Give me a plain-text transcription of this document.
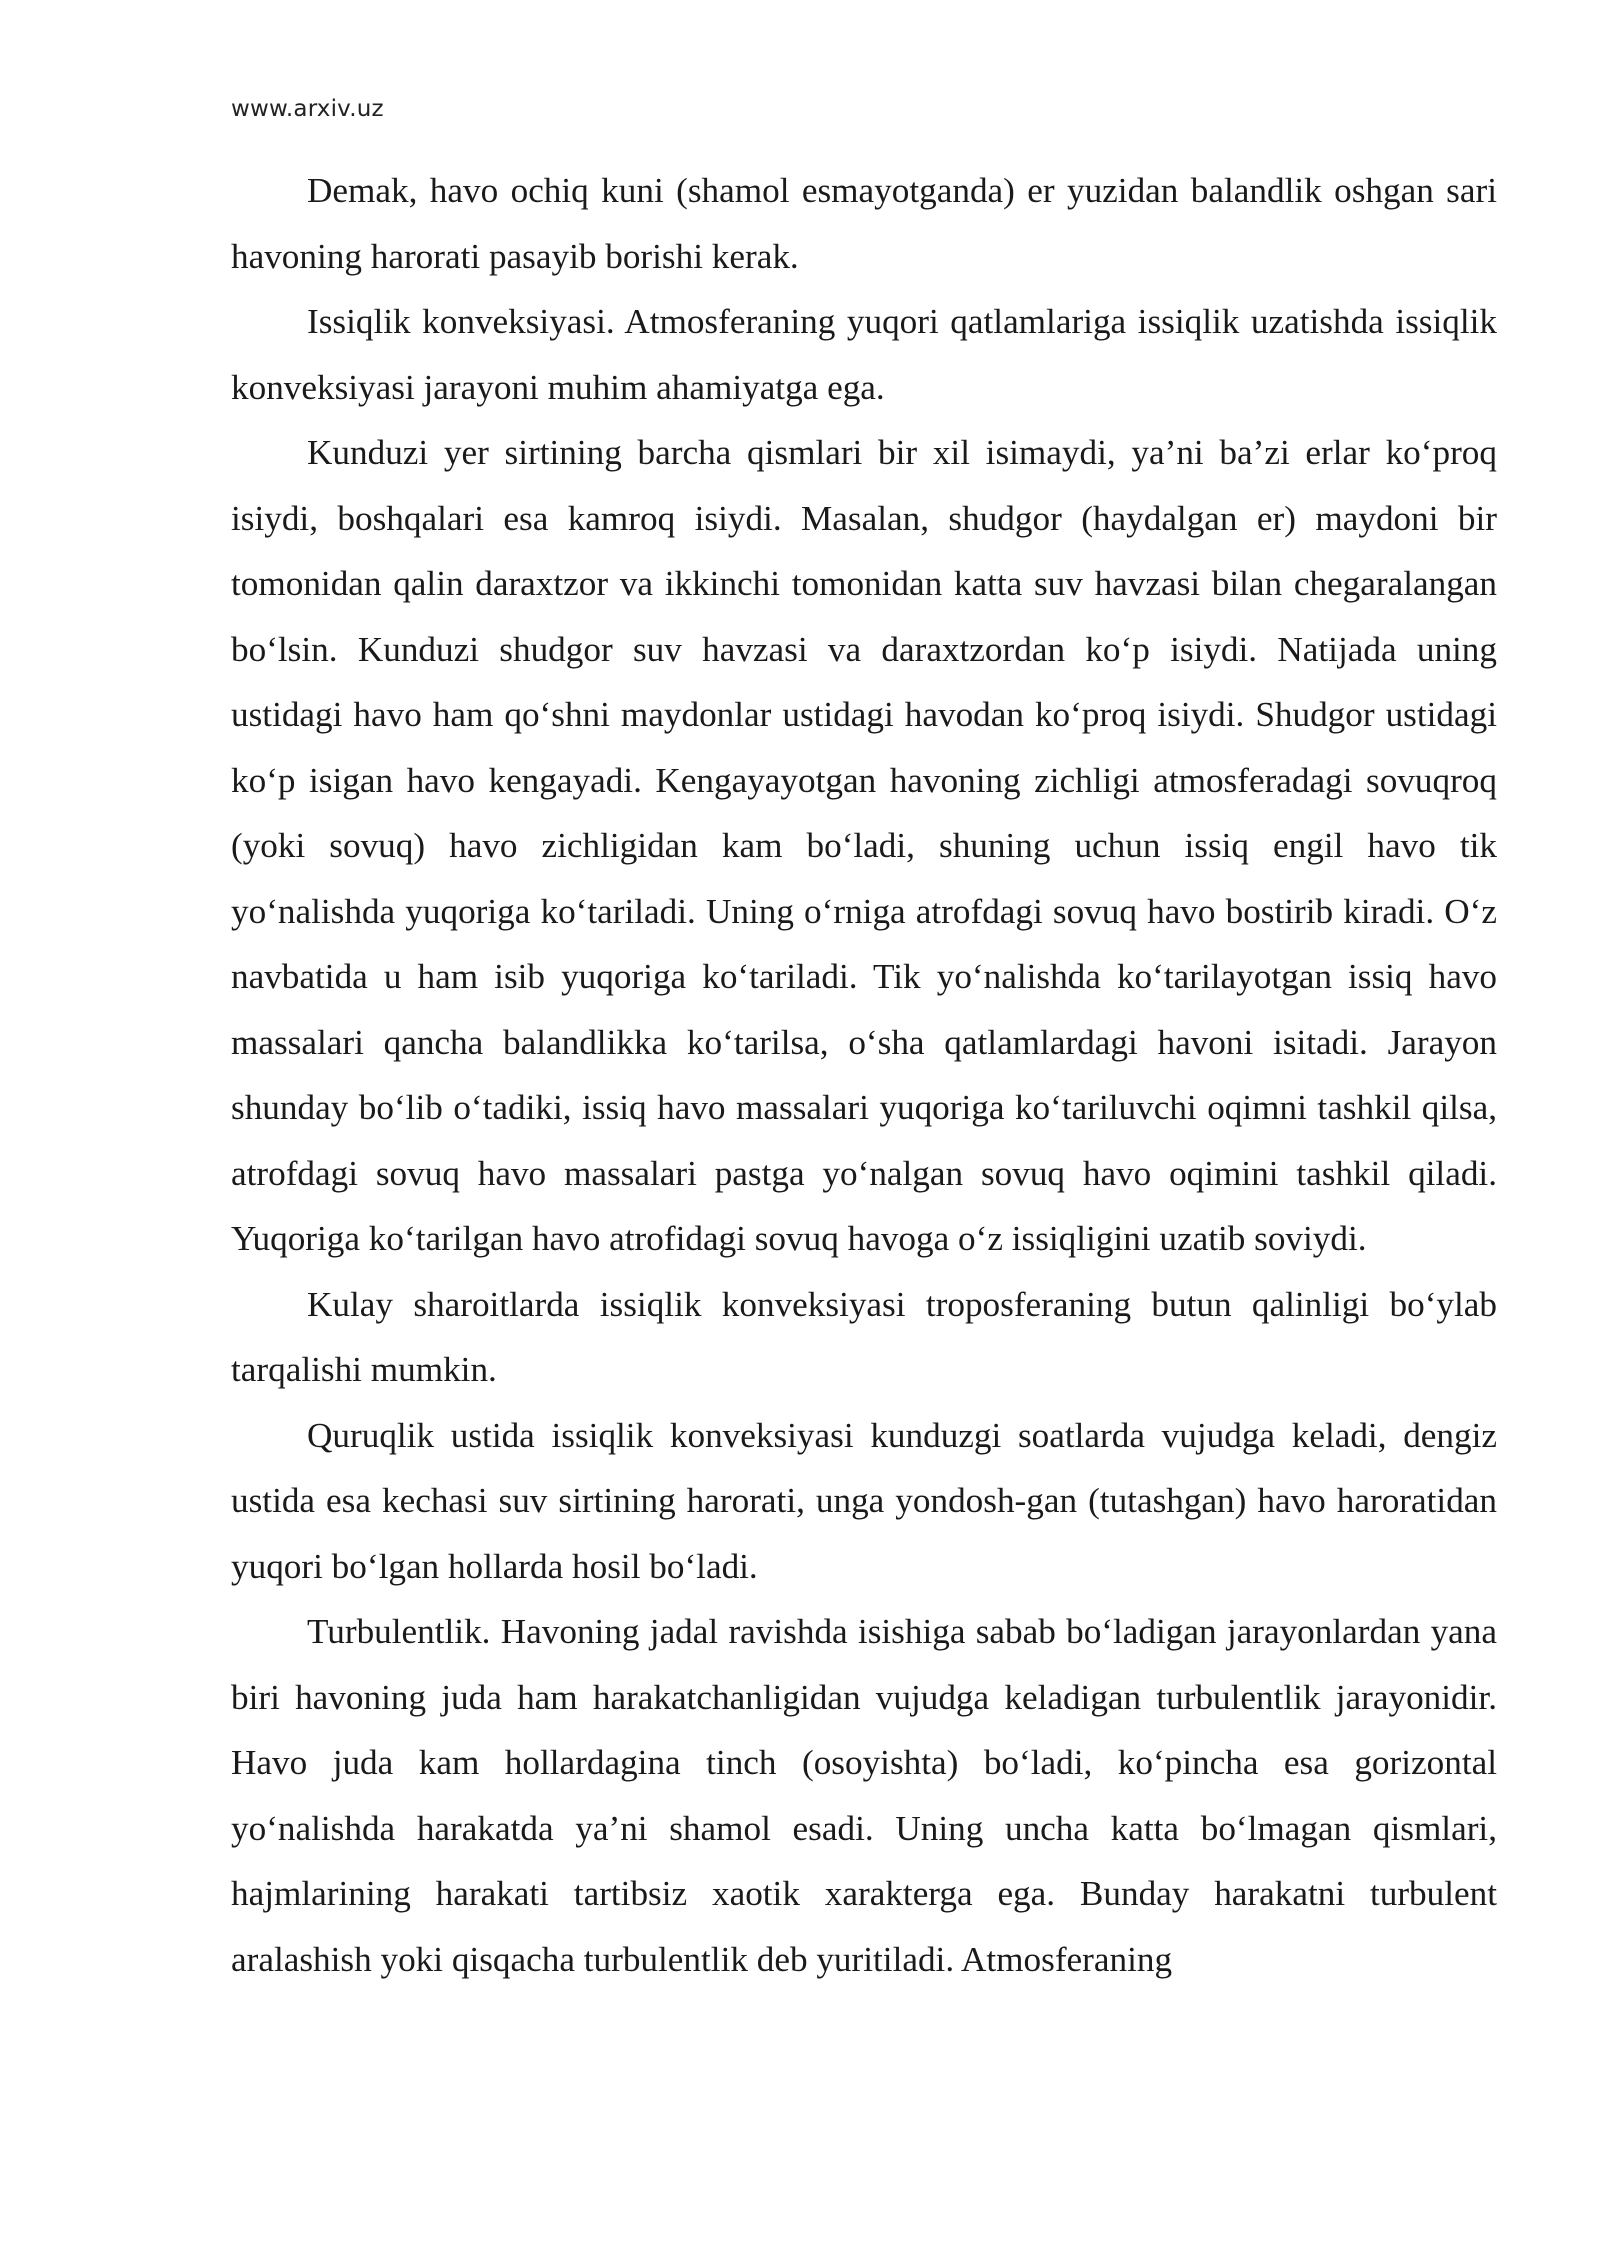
www.arxiv.uz

Demak, havo ochiq kuni (shamol esmayotganda) er yuzidan balandlik oshgan sari havoning harorati pasayib borishi kerak.

Issiqlik konveksiyasi. Atmosferaning yuqori qatlamlariga issiqlik uzatishda issiqlik konveksiyasi jarayoni muhim ahamiyatga ega.

Kunduzi yer sirtining barcha qismlari bir xil isimaydi, ya’ni ba’zi erlar ko‘proq isiydi, boshqalari esa kamroq isiydi. Masalan, shudgor (haydalgan er) maydoni bir tomonidan qalin daraxtzor va ikkinchi tomonidan katta suv havzasi bilan chegaralangan bo‘lsin. Kunduzi shudgor suv havzasi va daraxtzordan ko‘p isiydi. Natijada uning ustidagi havo ham qo‘shni maydonlar ustidagi havodan ko‘proq isiydi. Shudgor ustidagi ko‘p isigan havo kengayadi. Kengayayotgan havoning zichligi atmosferadagi sovuqroq (yoki sovuq) havo zichligidan kam bo‘ladi, shuning uchun issiq engil havo tik yo‘nalishda yuqoriga ko‘tariladi. Uning o‘rniga atrofdagi sovuq havo bostirib kiradi. O‘z navbatida u ham isib yuqoriga ko‘tariladi. Tik yo‘nalishda ko‘tarilayotgan issiq havo massalari qancha balandlikka ko‘tarilsa, o‘sha qatlamlardagi havoni isitadi. Jarayon shunday bo‘lib o‘tadiki, issiq havo massalari yuqoriga ko‘tariluvchi oqimni tashkil qilsa, atrofdagi sovuq havo massalari pastga yo‘nalgan sovuq havo oqimini tashkil qiladi. Yuqoriga ko‘tarilgan havo atrofidagi sovuq havoga o‘z issiqligini uzatib soviydi.

Kulay sharoitlarda issiqlik konveksiyasi troposferaning butun qalinligi bo‘ylab tarqalishi mumkin.

Quruqlik ustida issiqlik konveksiyasi kunduzgi soatlarda vujudga keladi, dengiz ustida esa kechasi suv sirtining harorati, unga yondosh-gan (tutashgan) havo haroratidan yuqori bo‘lgan hollarda hosil bo‘ladi.

Turbulentlik. Havoning jadal ravishda isishiga sabab bo‘ladigan jarayonlardan yana biri havoning juda ham harakatchanligidan vujudga keladigan turbulentlik jarayonidir. Havo juda kam hollardagina tinch (osoyishta) bo‘ladi, ko‘pincha esa gorizontal yo‘nalishda harakatda ya’ni shamol esadi. Uning uncha katta bo‘lmagan qismlari, hajmlarining harakati tartibsiz xaotik xarakterga ega. Bunday harakatni turbulent aralashish yoki qisqacha turbulentlik deb yuritiladi. Atmosferaning
